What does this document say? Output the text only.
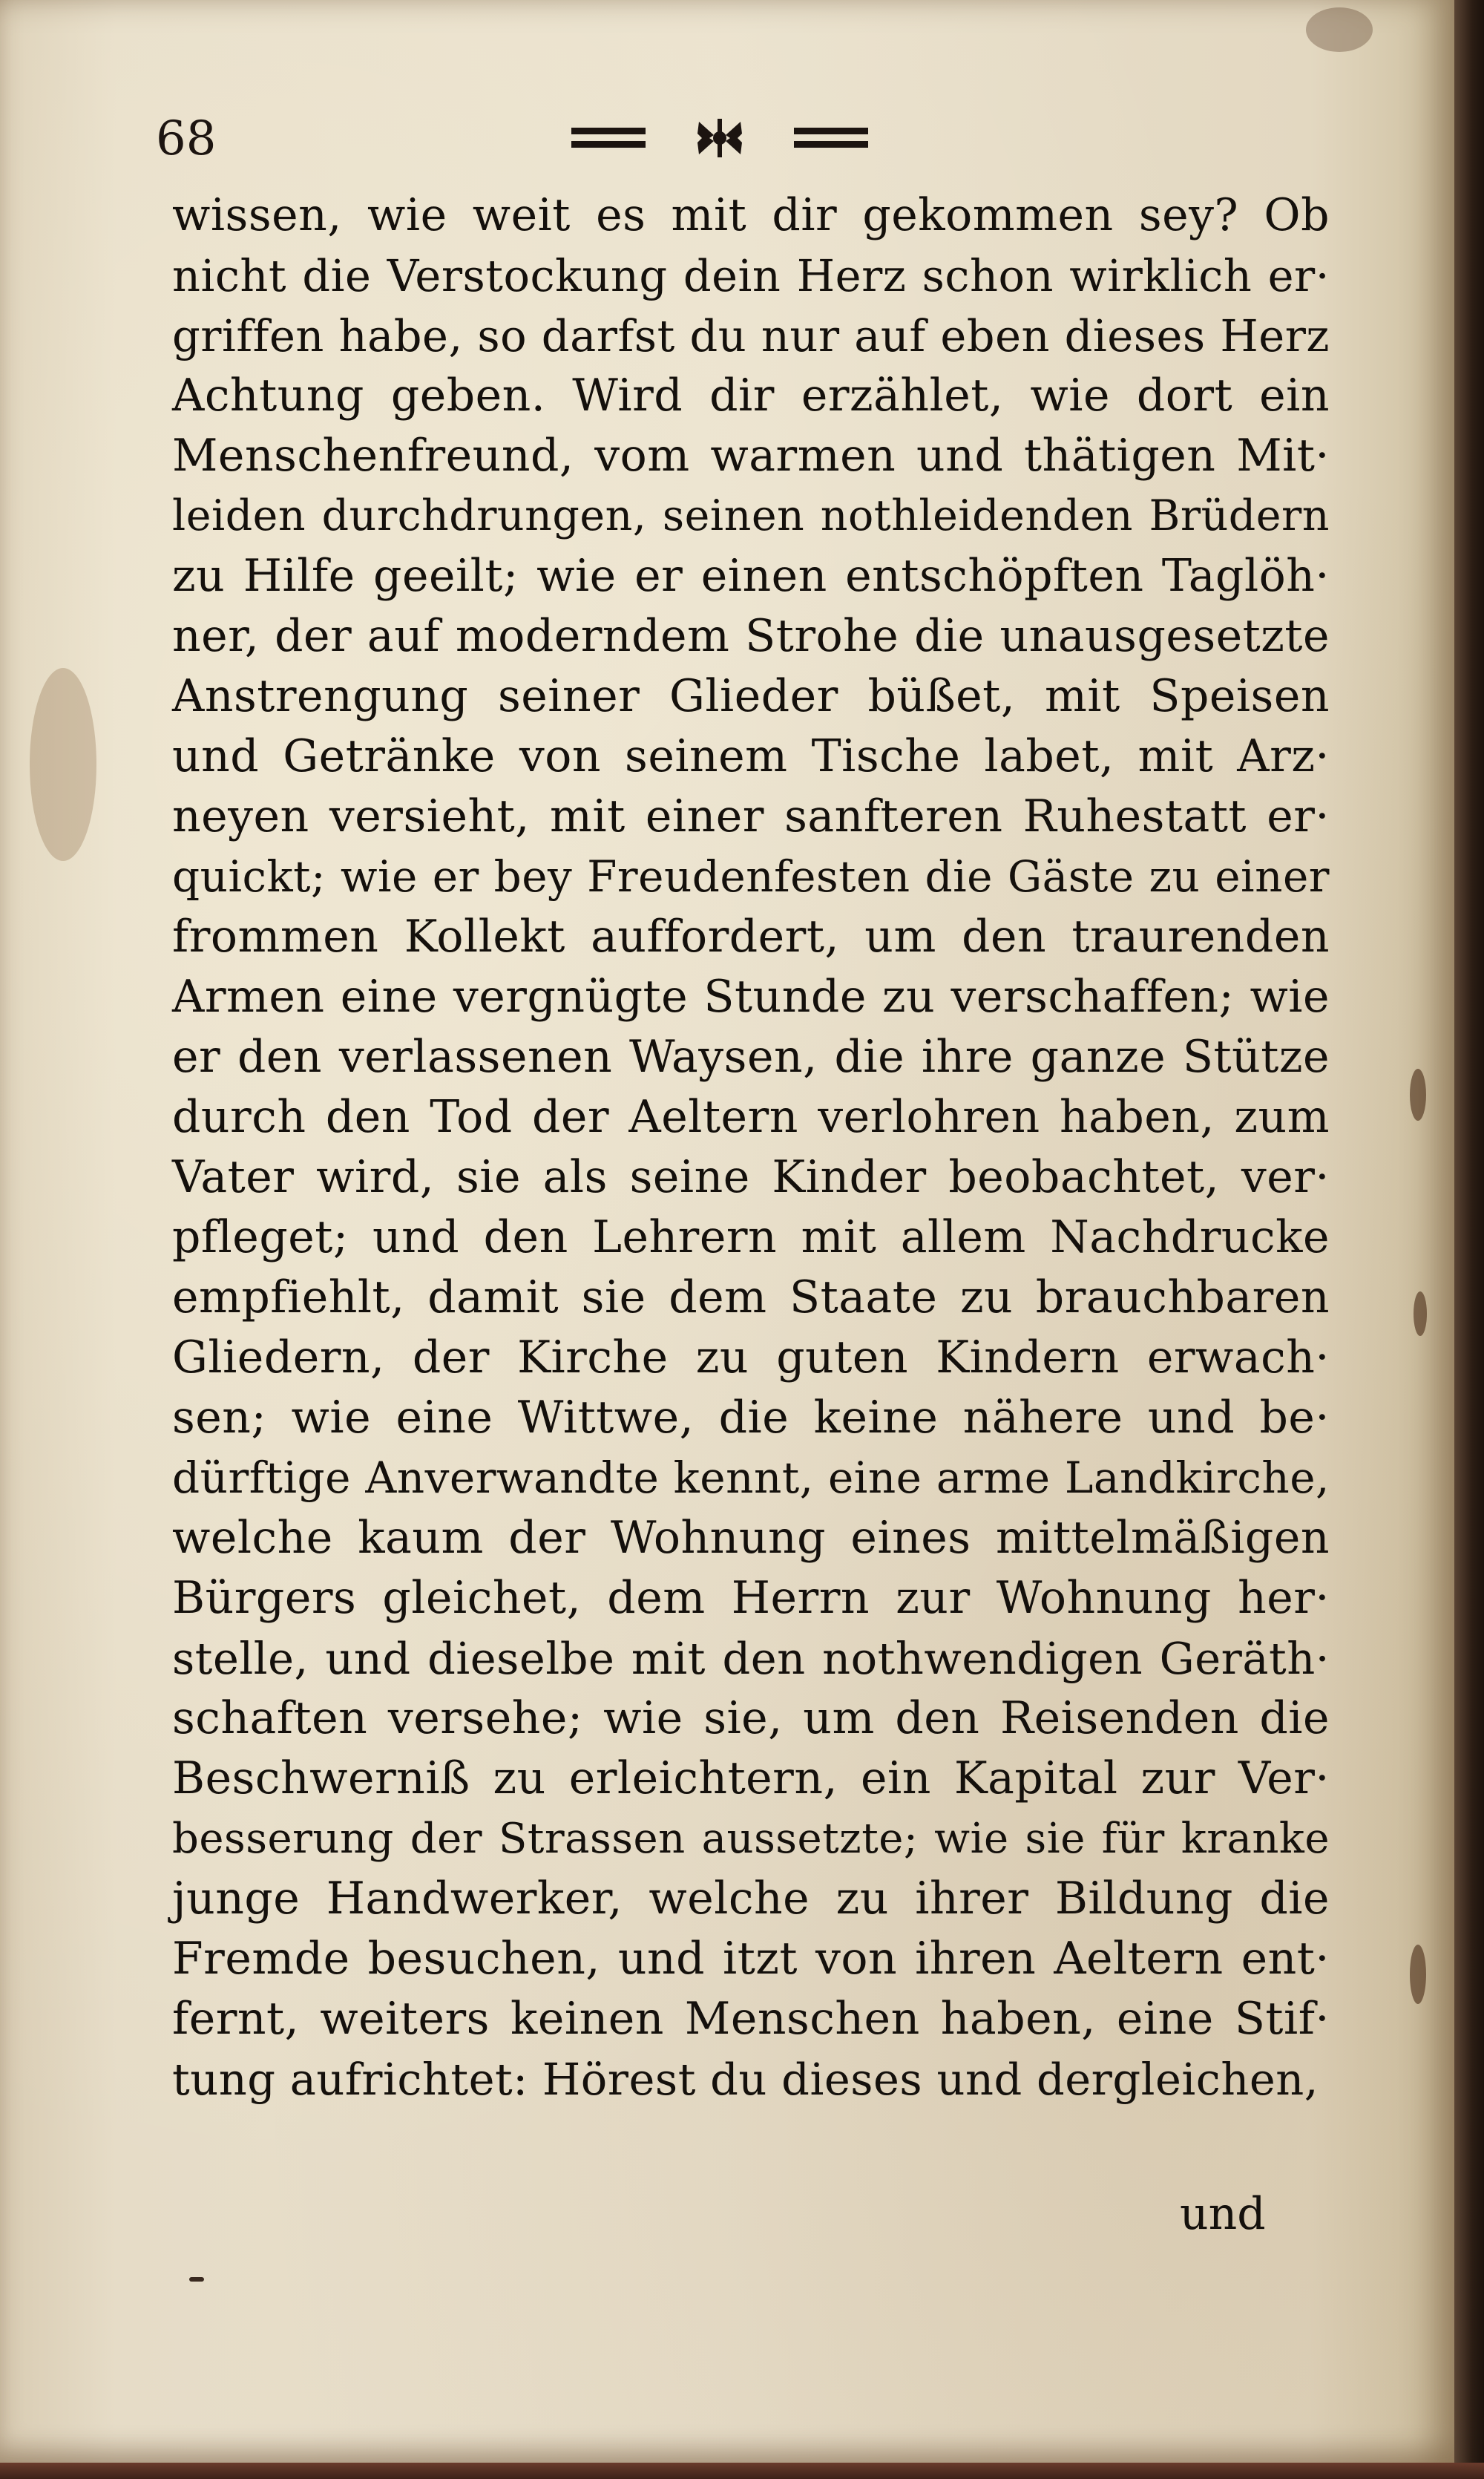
68
wissen, wie weit es mit dir gekommen sey? Ob
nicht die Verstockung dein Herz schon wirklich er·
griffen habe, so darfst du nur auf eben dieses Herz
Achtung geben. Wird dir erzählet, wie dort ein
Menschenfreund, vom warmen und thätigen Mit·
leiden durchdrungen, seinen nothleidenden Brüdern
zu Hilfe geeilt; wie er einen entschöpften Taglöh·
ner, der auf moderndem Strohe die unausgesetzte
Anstrengung seiner Glieder büßet, mit Speisen
und Getränke von seinem Tische labet, mit Arz·
neyen versieht, mit einer sanfteren Ruhestatt er·
quickt; wie er bey Freudenfesten die Gäste zu einer
frommen Kollekt auffordert, um den traurenden
Armen eine vergnügte Stunde zu verschaffen; wie
er den verlassenen Waysen, die ihre ganze Stütze
durch den Tod der Aeltern verlohren haben, zum
Vater wird, sie als seine Kinder beobachtet, ver·
pfleget; und den Lehrern mit allem Nachdrucke
empfiehlt, damit sie dem Staate zu brauchbaren
Gliedern, der Kirche zu guten Kindern erwach·
sen; wie eine Wittwe, die keine nähere und be·
dürftige Anverwandte kennt, eine arme Landkirche,
welche kaum der Wohnung eines mittelmäßigen
Bürgers gleichet, dem Herrn zur Wohnung her·
stelle, und dieselbe mit den nothwendigen Geräth·
schaften versehe; wie sie, um den Reisenden die
Beschwerniß zu erleichtern, ein Kapital zur Ver·
besserung der Strassen aussetzte; wie sie für kranke
junge Handwerker, welche zu ihrer Bildung die
Fremde besuchen, und itzt von ihren Aeltern ent·
fernt, weiters keinen Menschen haben, eine Stif·
tung aufrichtet: Hörest du dieses und dergleichen,
und
